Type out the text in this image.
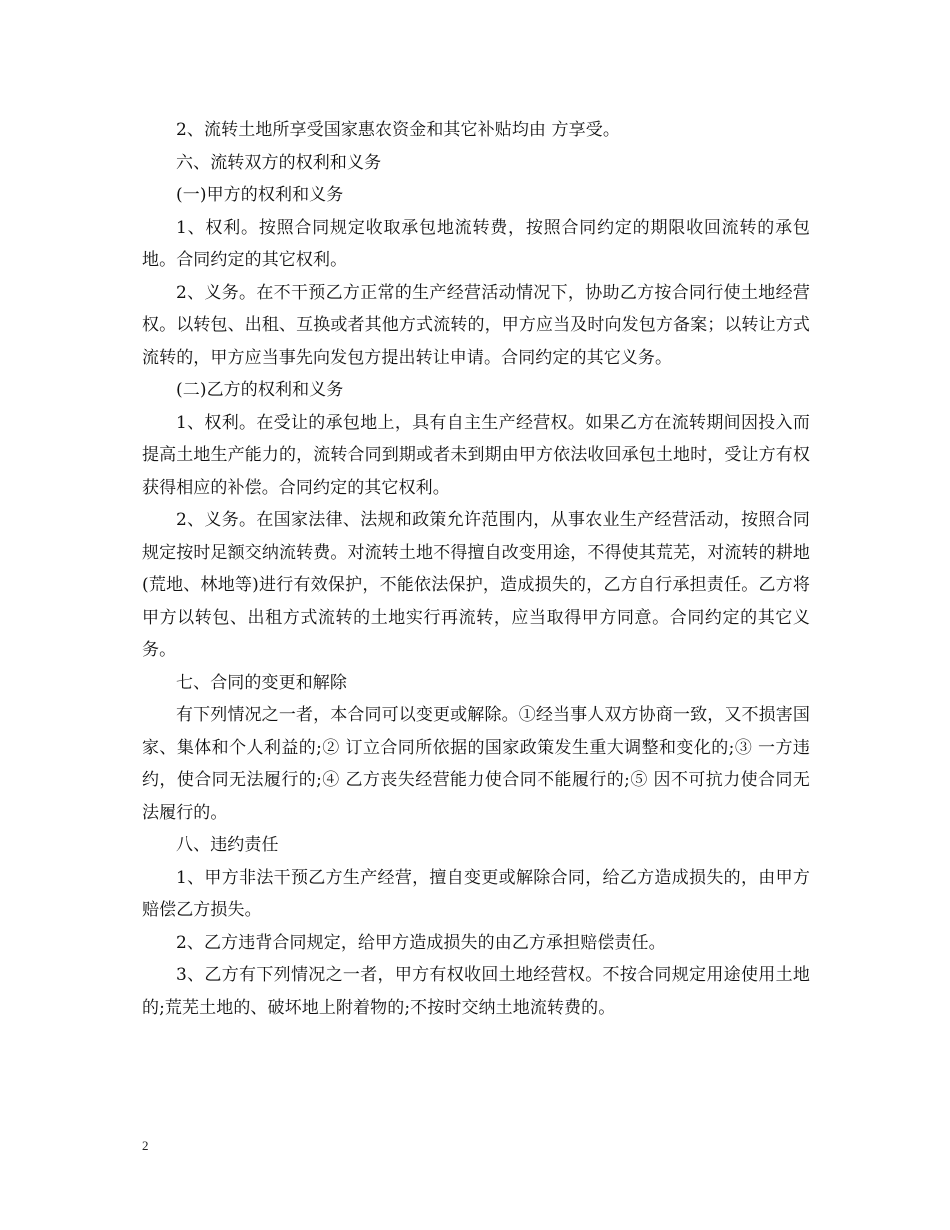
2、流转土地所享受国家惠农资金和其它补贴均由 方享受。

六、流转双方的权利和义务

(一)甲方的权利和义务

1、权利。按照合同规定收取承包地流转费，按照合同约定的期限收回流转的承包地。合同约定的其它权利。

2、义务。在不干预乙方正常的生产经营活动情况下，协助乙方按合同行使土地经营权。以转包、出租、互换或者其他方式流转的，甲方应当及时向发包方备案；以转让方式流转的，甲方应当事先向发包方提出转让申请。合同约定的其它义务。

(二)乙方的权利和义务

1、权利。在受让的承包地上，具有自主生产经营权。如果乙方在流转期间因投入而提高土地生产能力的，流转合同到期或者未到期由甲方依法收回承包土地时，受让方有权获得相应的补偿。合同约定的其它权利。

2、义务。在国家法律、法规和政策允许范围内，从事农业生产经营活动，按照合同规定按时足额交纳流转费。对流转土地不得擅自改变用途，不得使其荒芜，对流转的耕地(荒地、林地等)进行有效保护，不能依法保护，造成损失的，乙方自行承担责任。乙方将甲方以转包、出租方式流转的土地实行再流转，应当取得甲方同意。合同约定的其它义务。

七、合同的变更和解除

有下列情况之一者，本合同可以变更或解除。①经当事人双方协商一致，又不损害国家、集体和个人利益的;② 订立合同所依据的国家政策发生重大调整和变化的;③ 一方违约，使合同无法履行的;④ 乙方丧失经营能力使合同不能履行的;⑤ 因不可抗力使合同无法履行的。

八、违约责任

1、甲方非法干预乙方生产经营，擅自变更或解除合同，给乙方造成损失的，由甲方赔偿乙方损失。

2、乙方违背合同规定，给甲方造成损失的由乙方承担赔偿责任。

3、乙方有下列情况之一者，甲方有权收回土地经营权。不按合同规定用途使用土地的;荒芜土地的、破坏地上附着物的;不按时交纳土地流转费的。

2
